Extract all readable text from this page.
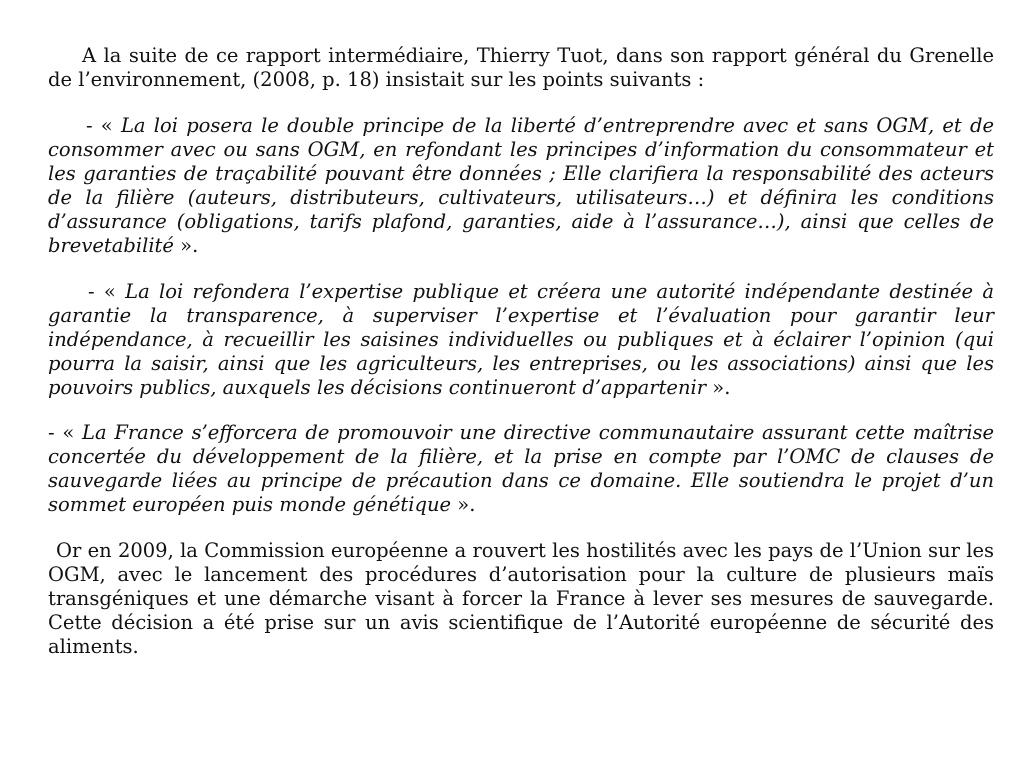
A la suite de ce rapport intermédiaire, Thierry Tuot, dans son rapport général du Grenelle de l’environnement, (2008, p. 18) insistait sur les points suivants :

- « La loi posera le double principe de la liberté d’entreprendre avec et sans OGM, et de consommer avec ou sans OGM, en refondant les principes d’information du consommateur et les garanties de traçabilité pouvant être données ; Elle clarifiera la responsabilité des acteurs de la filière (auteurs, distributeurs, cultivateurs, utilisateurs…) et définira les conditions d’assurance (obligations, tarifs plafond, garanties, aide à l’assurance…), ainsi que celles de brevetabilité ».

- « La loi refondera l’expertise publique et créera une autorité indépendante destinée à garantie la transparence, à superviser l’expertise et l’évaluation pour garantir leur indépendance, à recueillir les saisines individuelles ou publiques et à éclairer l’opinion (qui pourra la saisir, ainsi que les agriculteurs, les entreprises, ou les associations) ainsi que les pouvoirs publics, auxquels les décisions continueront d’appartenir ».

- « La France s’efforcera de promouvoir une directive communautaire assurant cette maîtrise concertée du développement de la filière, et la prise en compte par l’OMC de clauses de sauvegarde liées au principe de précaution dans ce domaine. Elle soutiendra le projet d’un sommet européen puis monde génétique ».

Or en 2009, la Commission européenne a rouvert les hostilités avec les pays de l’Union sur les OGM, avec le lancement des procédures d’autorisation pour la culture de plusieurs maïs transgéniques et une démarche visant à forcer la France à lever ses mesures de sauvegarde. Cette décision a été prise sur un avis scientifique de l’Autorité européenne de sécurité des aliments.
